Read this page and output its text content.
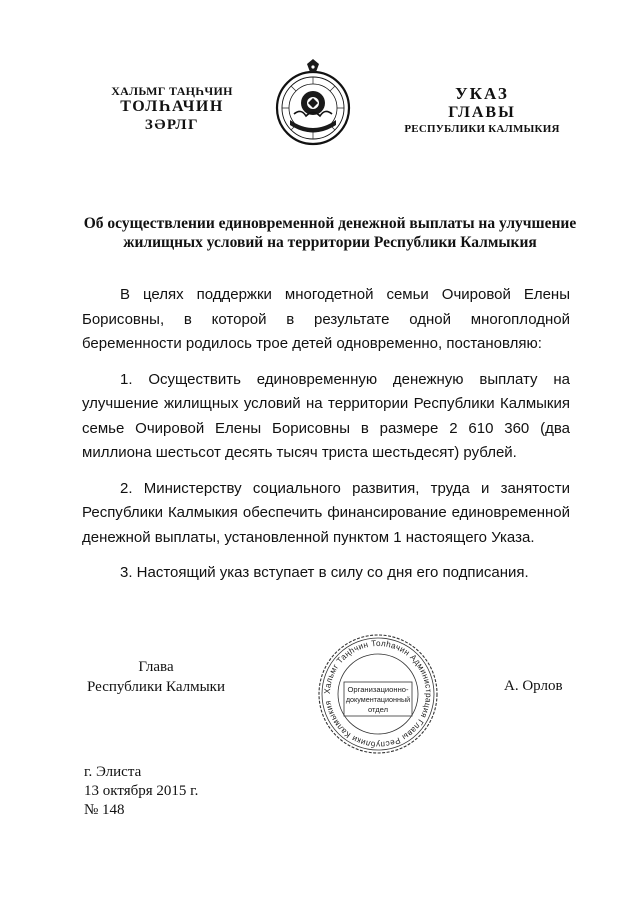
ХАЛЬМГ ТАҢҺЧИН
ТОЛҺАЧИН
ЗӘРЛГ
УКАЗ
ГЛАВЫ
РЕСПУБЛИКИ КАЛМЫКИЯ
Об осуществлении единовременной денежной выплаты на улучшение
жилищных условий на территории Республики Калмыкия

В целях поддержки многодетной семьи Очировой Елены Борисовны, в которой в результате одной многоплодной беременности родилось трое детей одновременно, постановляю:

1. Осуществить единовременную денежную выплату на улучшение жилищных условий на территории Республики Калмыкия семье Очировой Елены Борисовны в размере 2 610 360 (два миллиона шестьсот десять тысяч триста шестьдесят) рублей.

2. Министерству социального развития, труда и занятости Республики Калмыкия обеспечить финансирование единовременной денежной выплаты, установленной пунктом 1 настоящего Указа.

3. Настоящий указ вступает в силу со дня его подписания.

Глава
Республики Калмыки	Хальмг Таңһчин Толһачин Администрация Главы Республики Калмыкия
Организационно-
документационный
отдел
А. Орлов
г. Элиста
13 октября 2015 г.
№ 148
